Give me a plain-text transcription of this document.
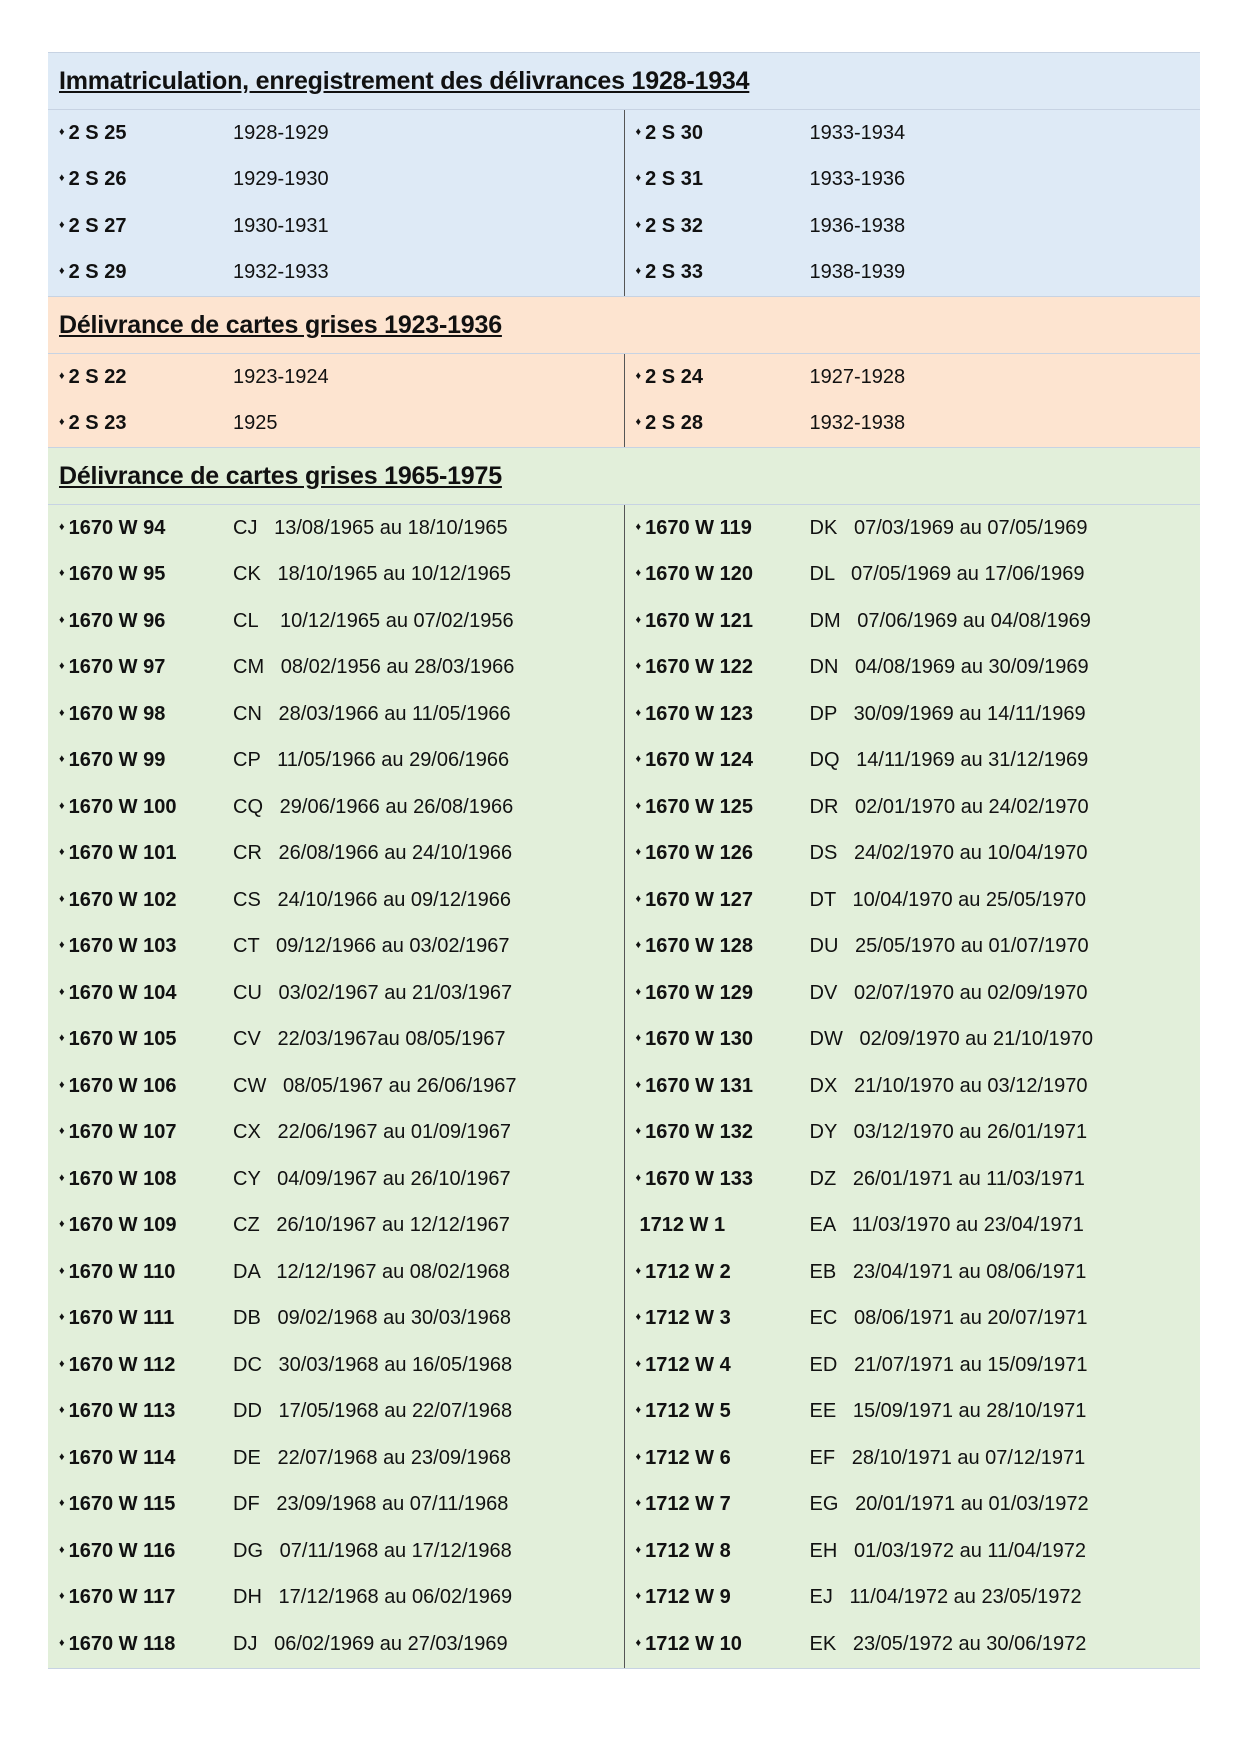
Immatriculation, enregistrement des délivrances 1928-1934
♦ 2 S 25	1928-1929
♦ 2 S 26	1929-1930
♦ 2 S 27	1930-1931
♦ 2 S 29	1932-1933
♦ 2 S 30	1933-1934
♦ 2 S 31	1933-1936
♦ 2 S 32	1936-1938
♦ 2 S 33	1938-1939
Délivrance de cartes grises 1923-1936
♦ 2 S 22	1923-1924
♦ 2 S 23	1925
♦ 2 S 24	1927-1928
♦ 2 S 28	1932-1938
Délivrance de cartes grises 1965-1975
♦ 1670 W 94	CJ   13/08/1965 au 18/10/1965
♦ 1670 W 95	CK   18/10/1965 au 10/12/1965
♦ 1670 W 96	CL    10/12/1965 au 07/02/1956
♦ 1670 W 97	CM   08/02/1956 au 28/03/1966
♦ 1670 W 98	CN   28/03/1966 au 11/05/1966
♦ 1670 W 99	CP   11/05/1966 au 29/06/1966
♦ 1670 W 100	CQ   29/06/1966 au 26/08/1966
♦ 1670 W 101	CR   26/08/1966 au 24/10/1966
♦ 1670 W 102	CS   24/10/1966 au 09/12/1966
♦ 1670 W 103	CT   09/12/1966 au 03/02/1967
♦ 1670 W 104	CU   03/02/1967 au 21/03/1967
♦ 1670 W 105	CV   22/03/1967au 08/05/1967
♦ 1670 W 106	CW   08/05/1967 au 26/06/1967
♦ 1670 W 107	CX   22/06/1967 au 01/09/1967
♦ 1670 W 108	CY   04/09/1967 au 26/10/1967
♦ 1670 W 109	CZ   26/10/1967 au 12/12/1967
♦ 1670 W 110	DA   12/12/1967 au 08/02/1968
♦ 1670 W 111	DB   09/02/1968 au 30/03/1968
♦ 1670 W 112	DC   30/03/1968 au 16/05/1968
♦ 1670 W 113	DD   17/05/1968 au 22/07/1968
♦ 1670 W 114	DE   22/07/1968 au 23/09/1968
♦ 1670 W 115	DF   23/09/1968 au 07/11/1968
♦ 1670 W 116	DG   07/11/1968 au 17/12/1968
♦ 1670 W 117	DH   17/12/1968 au 06/02/1969
♦ 1670 W 118	DJ   06/02/1969 au 27/03/1969
♦ 1670 W 119	DK   07/03/1969 au 07/05/1969
♦ 1670 W 120	DL   07/05/1969 au 17/06/1969
♦ 1670 W 121	DM   07/06/1969 au 04/08/1969
♦ 1670 W 122	DN   04/08/1969 au 30/09/1969
♦ 1670 W 123	DP   30/09/1969 au 14/11/1969
♦ 1670 W 124	DQ   14/11/1969 au 31/12/1969
♦ 1670 W 125	DR   02/01/1970 au 24/02/1970
♦ 1670 W 126	DS   24/02/1970 au 10/04/1970
♦ 1670 W 127	DT   10/04/1970 au 25/05/1970
♦ 1670 W 128	DU   25/05/1970 au 01/07/1970
♦ 1670 W 129	DV   02/07/1970 au 02/09/1970
♦ 1670 W 130	DW   02/09/1970 au 21/10/1970
♦ 1670 W 131	DX   21/10/1970 au 03/12/1970
♦ 1670 W 132	DY   03/12/1970 au 26/01/1971
♦ 1670 W 133	DZ   26/01/1971 au 11/03/1971
1712 W 1	EA   11/03/1970 au 23/04/1971
♦ 1712 W 2	EB   23/04/1971 au 08/06/1971
♦ 1712 W 3	EC   08/06/1971 au 20/07/1971
♦ 1712 W 4	ED   21/07/1971 au 15/09/1971
♦ 1712 W 5	EE   15/09/1971 au 28/10/1971
♦ 1712 W 6	EF   28/10/1971 au 07/12/1971
♦ 1712 W 7	EG   20/01/1971 au 01/03/1972
♦ 1712 W 8	EH   01/03/1972 au 11/04/1972
♦ 1712 W 9	EJ   11/04/1972 au 23/05/1972
♦ 1712 W 10	EK   23/05/1972 au 30/06/1972
